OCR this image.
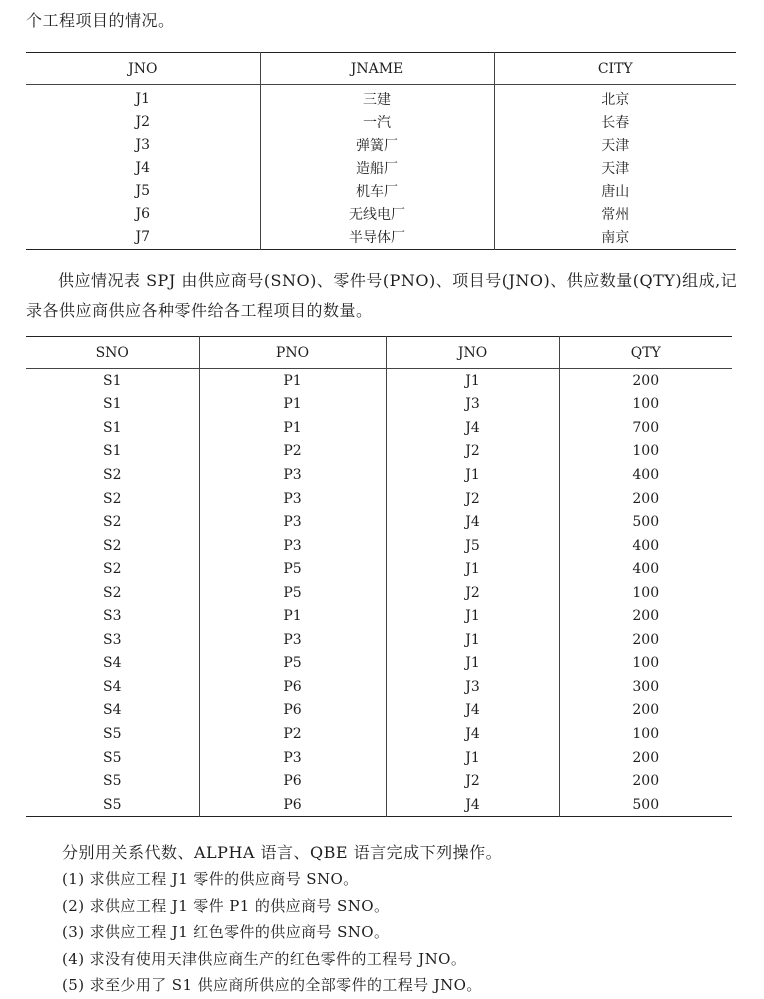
个工程项目的情况。
JNO	JNAME	CITY
J1	三建	北京
J2	一汽	长春
J3	弹簧厂	天津
J4	造船厂	天津
J5	机车厂	唐山
J6	无线电厂	常州
J7	半导体厂	南京
供应情况表 SPJ 由供应商号(SNO)、零件号(PNO)、项目号(JNO)、供应数量(QTY)组成,记录各供应商供应各种零件给各工程项目的数量。
SNO	PNO	JNO	QTY
S1	P1	J1	200
S1	P1	J3	100
S1	P1	J4	700
S1	P2	J2	100
S2	P3	J1	400
S2	P3	J2	200
S2	P3	J4	500
S2	P3	J5	400
S2	P5	J1	400
S2	P5	J2	100
S3	P1	J1	200
S3	P3	J1	200
S4	P5	J1	100
S4	P6	J3	300
S4	P6	J4	200
S5	P2	J4	100
S5	P3	J1	200
S5	P6	J2	200
S5	P6	J4	500
分别用关系代数、ALPHA 语言、QBE 语言完成下列操作。
(1) 求供应工程 J1 零件的供应商号 SNO。
(2) 求供应工程 J1 零件 P1 的供应商号 SNO。
(3) 求供应工程 J1 红色零件的供应商号 SNO。
(4) 求没有使用天津供应商生产的红色零件的工程号 JNO。
(5) 求至少用了 S1 供应商所供应的全部零件的工程号 JNO。
